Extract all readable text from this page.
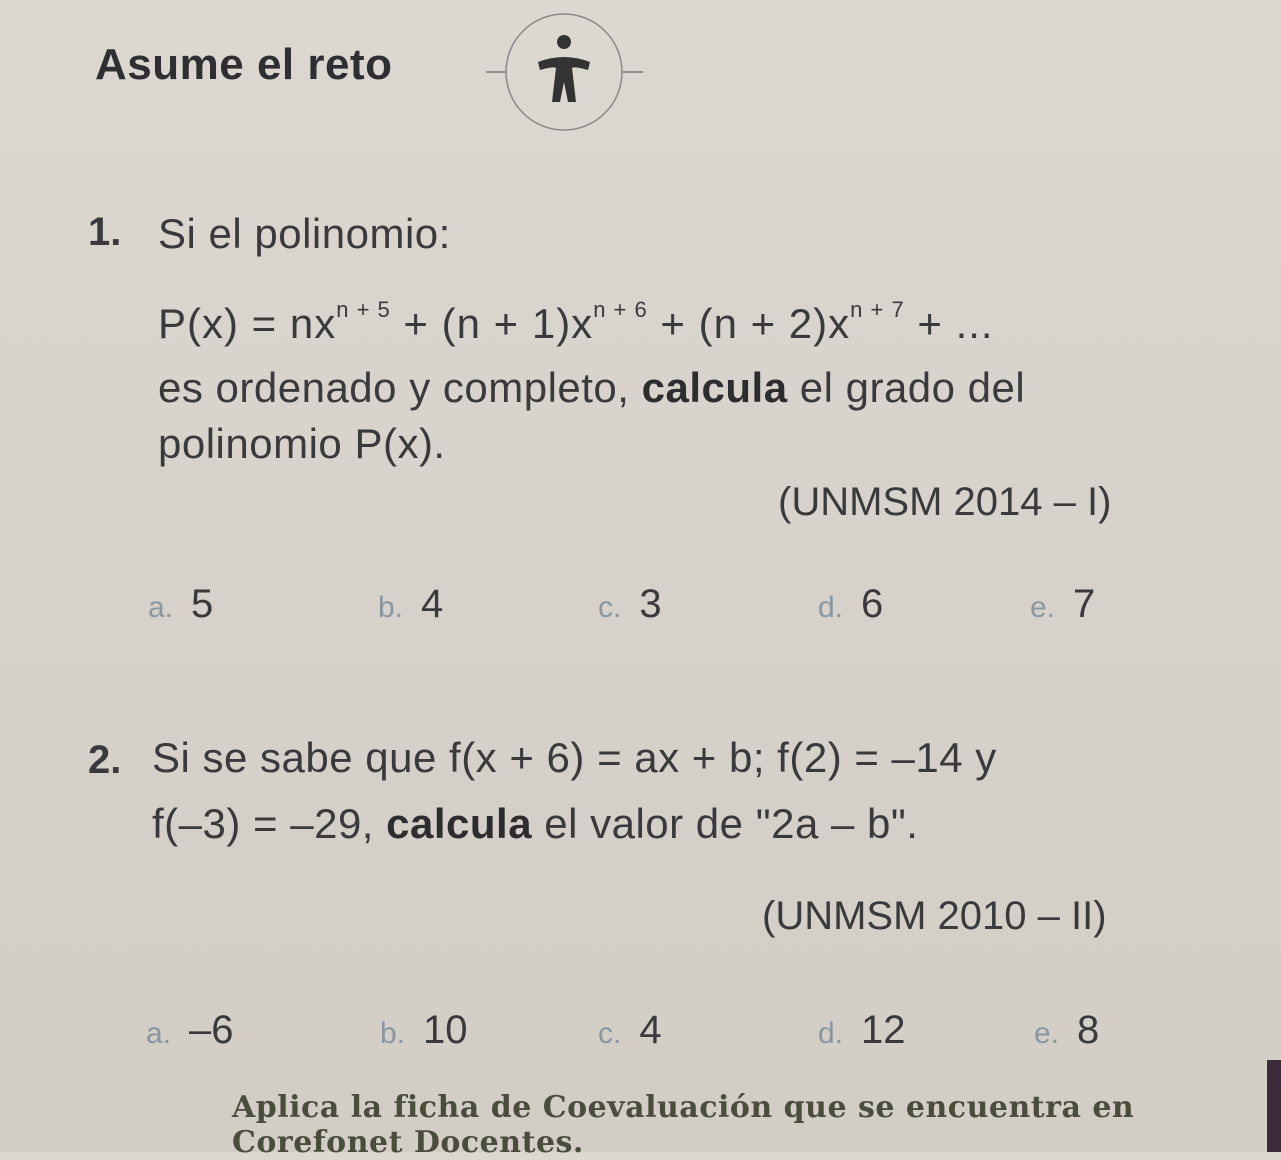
Asume el reto
1. Si el polinomio:
$P(x) = nx^{n + 5} + (n + 1)x^{n + 6} + (n + 2)x^{n + 7}$ + ...
es ordenado y completo, calcula el grado del
polinomio P(x).
(UNMSM 2014 – I)
a. 5	b. 4	c. 3	d. 6	e. 7
2. Si se sabe que f(x + 6) = ax + b; f(2) = –14 y
f(–3) = –29, calcula el valor de "2a – b".
(UNMSM 2010 – II)
a. –6	b. 10	c. 4	d. 12	e. 8
Aplica la ficha de Coevaluación que se encuentra en Corefonet Docentes.
